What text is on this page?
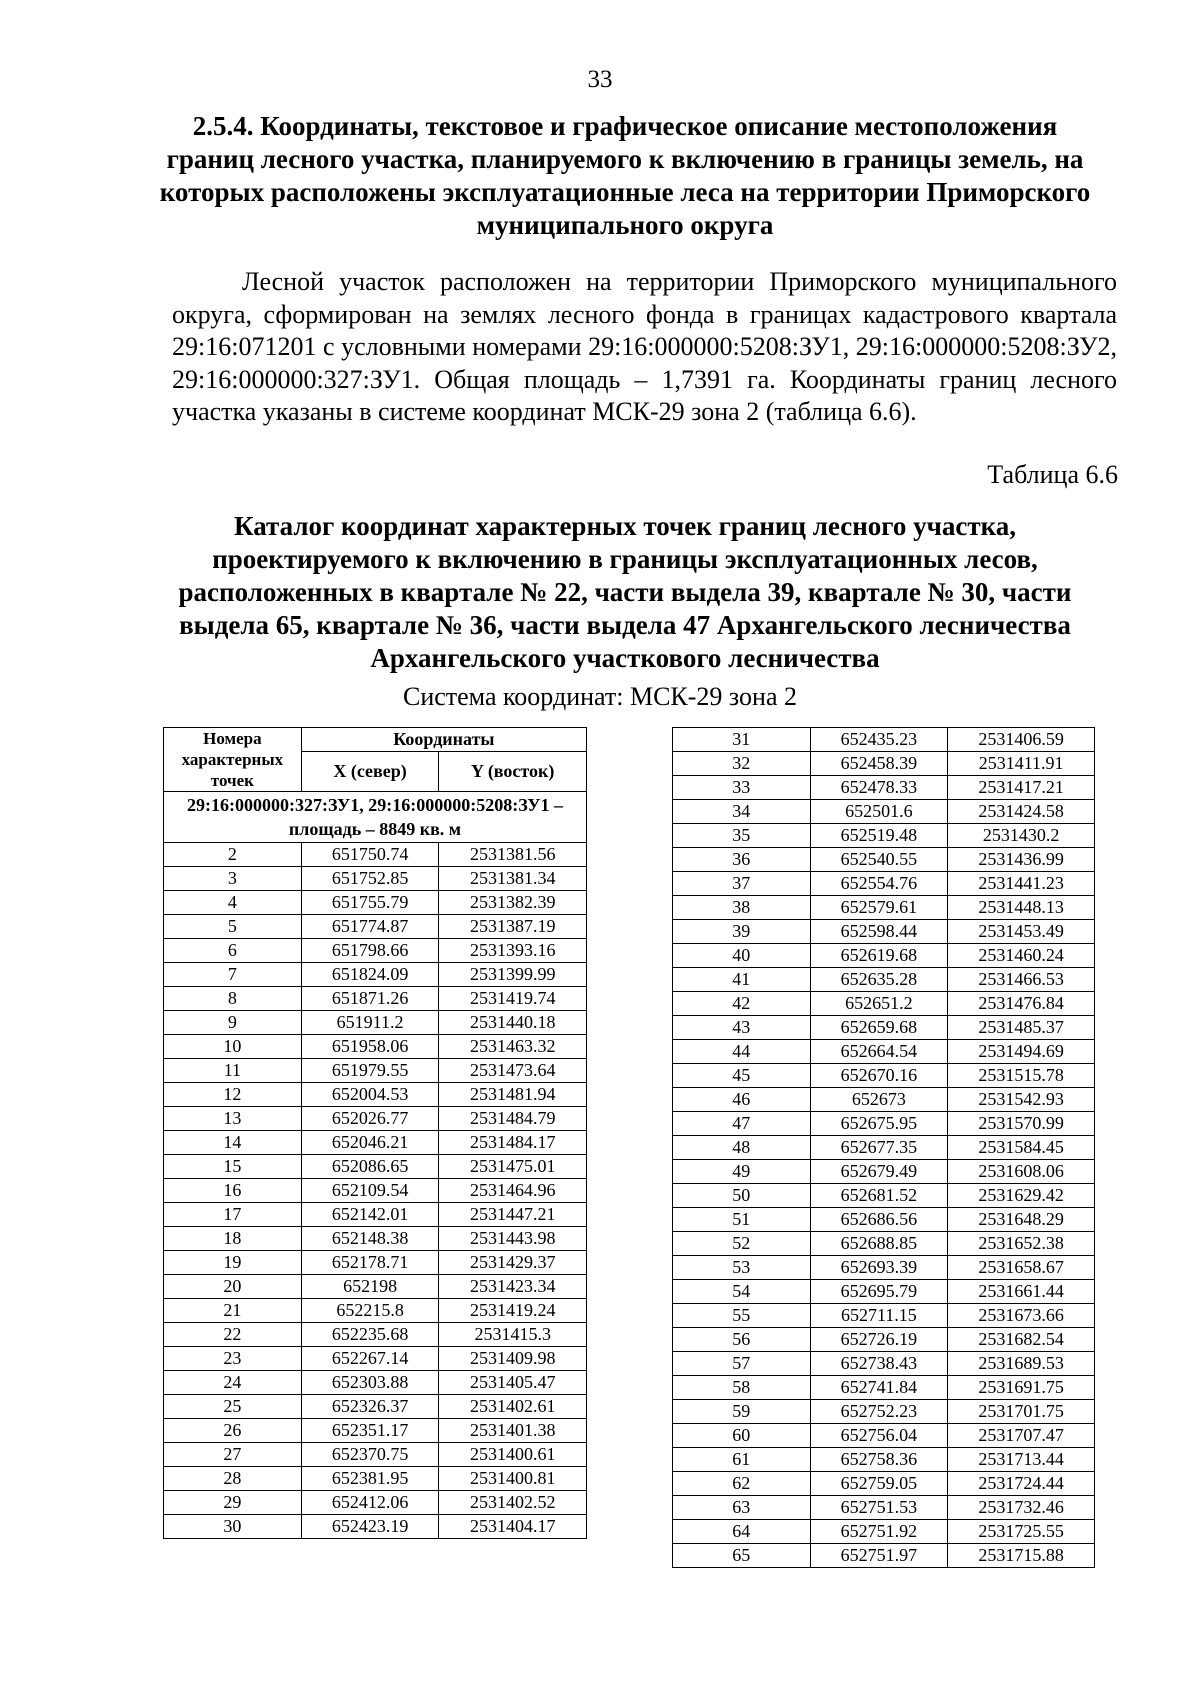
33
2.5.4. Координаты, текстовое и графическое описание местоположения границ лесного участка, планируемого к включению в границы земель, на которых расположены эксплуатационные леса на территории Приморского муниципального округа

Лесной участок расположен на территории Приморского муниципального округа, сформирован на землях лесного фонда в границах кадастрового квартала 29:16:071201 с условными номерами 29:16:000000:5208:ЗУ1, 29:16:000000:5208:ЗУ2, 29:16:000000:327:ЗУ1. Общая площадь – 1,7391 га. Координаты границ лесного участка указаны в системе координат МСК-29 зона 2 (таблица 6.6).

Таблица 6.6
Каталог координат характерных точек границ лесного участка, проектируемого к включению в границы эксплуатационных лесов, расположенных в квартале № 22, части выдела 39, квартале № 30, части выдела 65, квартале № 36, части выдела 47 Архангельского лесничества Архангельского участкового лесничества
Система координат: МСК-29 зона 2
Номера характерных точек	Координаты	
	X (север)	Y (восток)
29:16:000000:327:ЗУ1, 29:16:000000:5208:ЗУ1 – площадь – 8849 кв. м		
2	651750.74	2531381.56
3	651752.85	2531381.34
4	651755.79	2531382.39
5	651774.87	2531387.19
6	651798.66	2531393.16
7	651824.09	2531399.99
8	651871.26	2531419.74
9	651911.2	2531440.18
10	651958.06	2531463.32
11	651979.55	2531473.64
12	652004.53	2531481.94
13	652026.77	2531484.79
14	652046.21	2531484.17
15	652086.65	2531475.01
16	652109.54	2531464.96
17	652142.01	2531447.21
18	652148.38	2531443.98
19	652178.71	2531429.37
20	652198	2531423.34
21	652215.8	2531419.24
22	652235.68	2531415.3
23	652267.14	2531409.98
24	652303.88	2531405.47
25	652326.37	2531402.61
26	652351.17	2531401.38
27	652370.75	2531400.61
28	652381.95	2531400.81
29	652412.06	2531402.52
30	652423.19	2531404.17
31	652435.23	2531406.59
32	652458.39	2531411.91
33	652478.33	2531417.21
34	652501.6	2531424.58
35	652519.48	2531430.2
36	652540.55	2531436.99
37	652554.76	2531441.23
38	652579.61	2531448.13
39	652598.44	2531453.49
40	652619.68	2531460.24
41	652635.28	2531466.53
42	652651.2	2531476.84
43	652659.68	2531485.37
44	652664.54	2531494.69
45	652670.16	2531515.78
46	652673	2531542.93
47	652675.95	2531570.99
48	652677.35	2531584.45
49	652679.49	2531608.06
50	652681.52	2531629.42
51	652686.56	2531648.29
52	652688.85	2531652.38
53	652693.39	2531658.67
54	652695.79	2531661.44
55	652711.15	2531673.66
56	652726.19	2531682.54
57	652738.43	2531689.53
58	652741.84	2531691.75
59	652752.23	2531701.75
60	652756.04	2531707.47
61	652758.36	2531713.44
62	652759.05	2531724.44
63	652751.53	2531732.46
64	652751.92	2531725.55
65	652751.97	2531715.88
